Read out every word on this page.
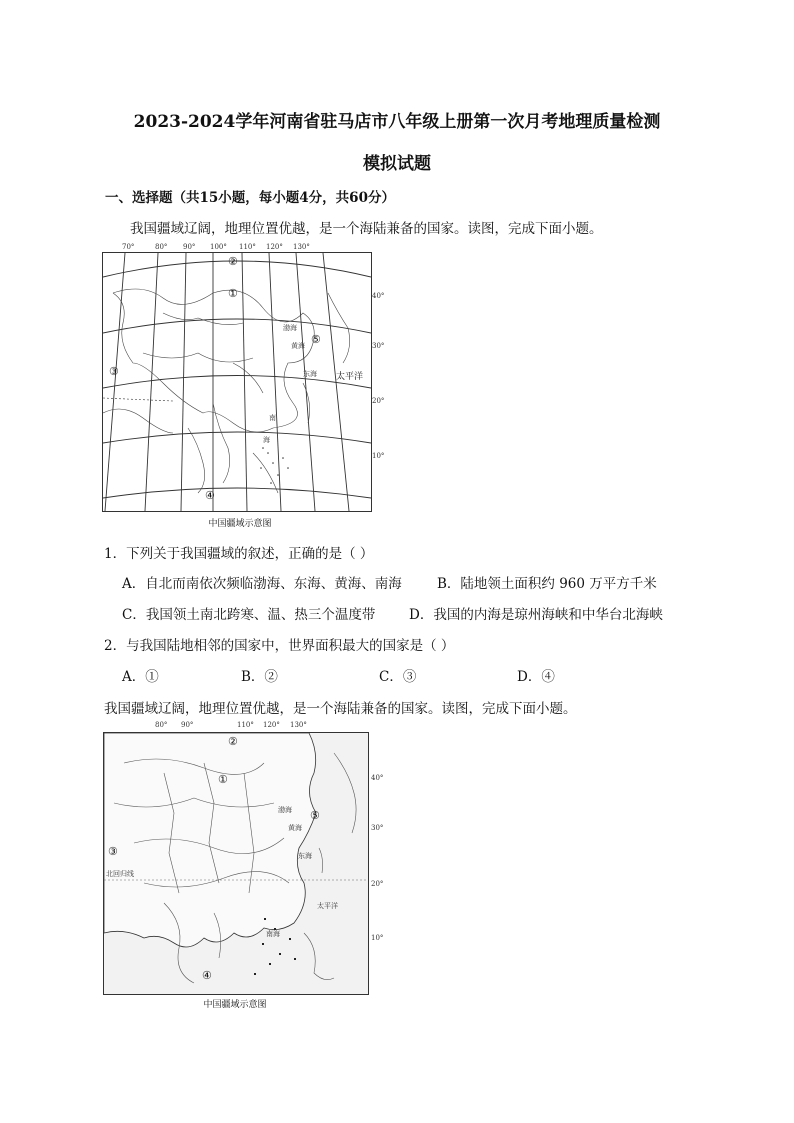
2023-2024学年河南省驻马店市八年级上册第一次月考地理质量检测
模拟试题
一、选择题（共15小题，每小题4分，共60分）
我国疆域辽阔，地理位置优越，是一个海陆兼备的国家。读图，完成下面小题。
70°	80° 90° 100° 110° 120° 130°
②
①
③
④
⑤
渤海
黄海
东海 太平洋
南
海
40°
30°
20°
10°
中国疆域示意图
1．下列关于我国疆域的叙述，正确的是（ ）
A．自北而南依次频临渤海、东海、黄海、南海	B．陆地领土面积约 960 万平方千米
C．我国领土南北跨寒、温、热三个温度带 D．我国的内海是琼州海峡和中华台北海峡
2．与我国陆地相邻的国家中，世界面积最大的国家是（ ）
A．①	B．②	C．③	D．④
我国疆域辽阔，地理位置优越，是一个海陆兼备的国家。读图，完成下面小题。
80° 90°	110° 120° 130°
②
①
③
④
⑤
渤海
黄海
东海
太平洋
南海
北回归线
40°
30°
20°
10°
中国疆域示意图
